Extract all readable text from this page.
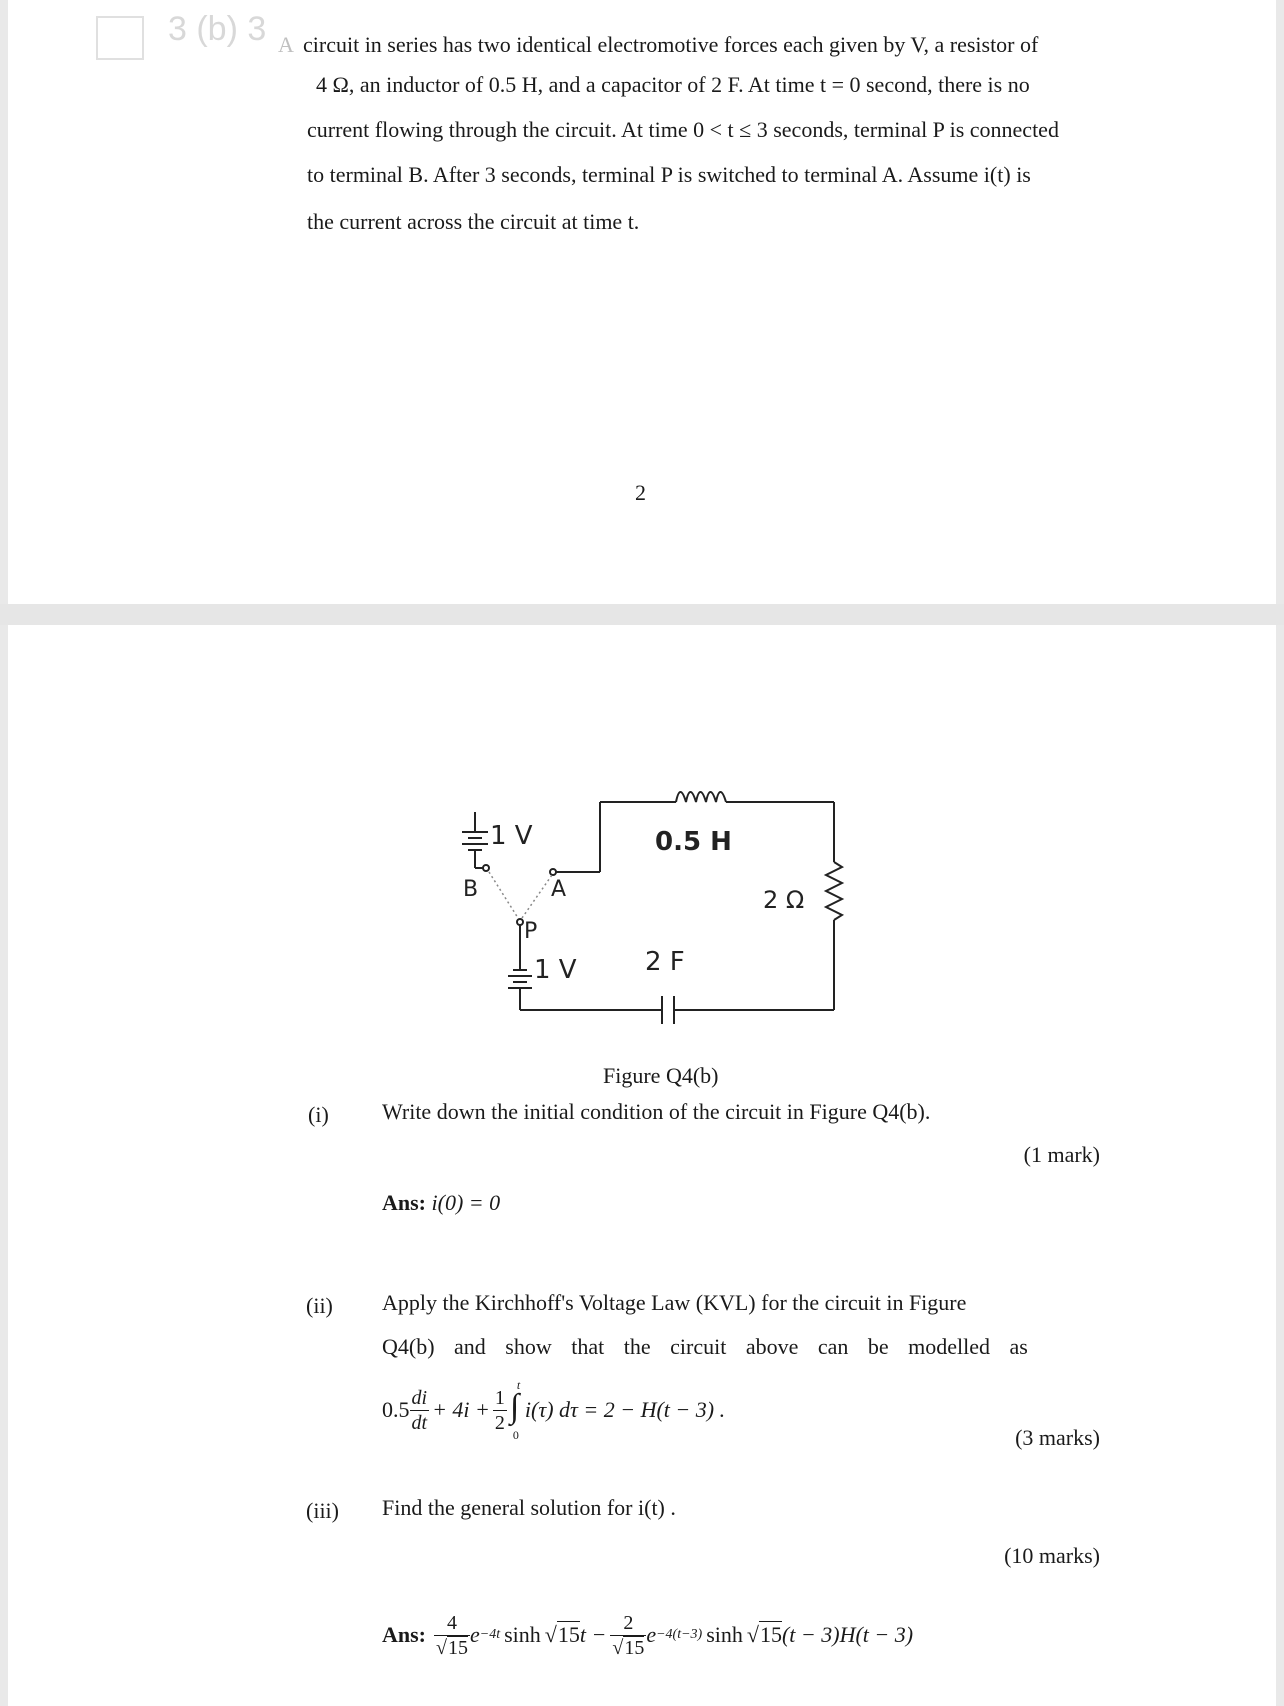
3 (b) 3 A circuit in series has two identical electromotive forces each given by V, a resistor of
4 Ω, an inductor of 0.5 H, and a capacitor of 2 F. At time t = 0 second, there is no
current flowing through the circuit. At time 0 < t ≤ 3 seconds, terminal P is connected
to terminal B. After 3 seconds, terminal P is switched to terminal A. Assume i(t) is
the current across the circuit at time t.
2
1 V
B	A
P
1 V
0.5 H
2 Ω
2 F
Figure Q4(b)
(i) Write down the initial condition of the circuit in Figure Q4(b).
(1 mark)
Ans: i(0) = 0
(ii) Apply the Kirchhoff's Voltage Law (KVL) for the circuit in Figure
Q4(b) and show that the circuit above can be modelled as
$0.5 \frac{di}{dt} + 4i + \frac{1}{2}$ ∫
t
0
i(τ) dτ = 2 − H(t − 3) .
(3 marks)
(iii) Find the general solution for i(t) .
(10 marks)
Ans: $\frac{4}{√15}$ e −4t sinh √15 $t - \frac{2}{√15}$ e −4(t−3) sinh √15 (t − 3)H(t − 3)
